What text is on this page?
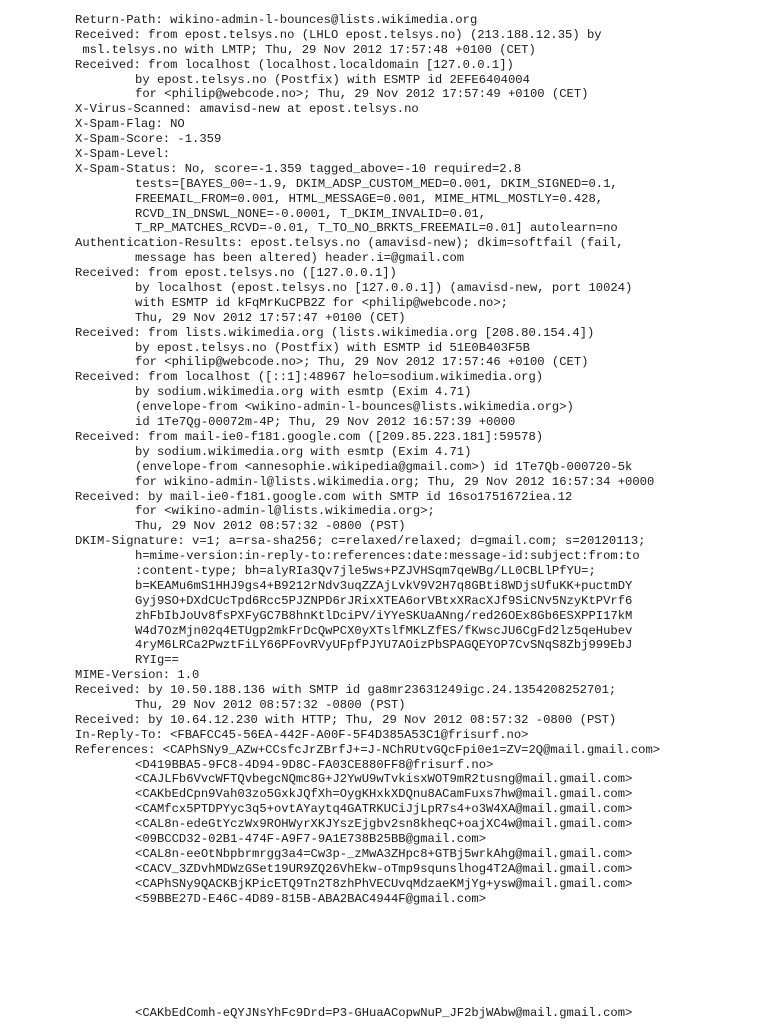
Return-Path: wikino-admin-l-bounces@lists.wikimedia.org
Received: from epost.telsys.no (LHLO epost.telsys.no) (213.188.12.35) by
msl.telsys.no with LMTP; Thu, 29 Nov 2012 17:57:48 +0100 (CET)
Received: from localhost (localhost.localdomain [127.0.0.1])
by epost.telsys.no (Postfix) with ESMTP id 2EFE6404004
for <philip@webcode.no>; Thu, 29 Nov 2012 17:57:49 +0100 (CET)
X-Virus-Scanned: amavisd-new at epost.telsys.no
X-Spam-Flag: NO
X-Spam-Score: -1.359
X-Spam-Level:
X-Spam-Status: No, score=-1.359 tagged_above=-10 required=2.8
tests=[BAYES_00=-1.9, DKIM_ADSP_CUSTOM_MED=0.001, DKIM_SIGNED=0.1,
FREEMAIL_FROM=0.001, HTML_MESSAGE=0.001, MIME_HTML_MOSTLY=0.428,
RCVD_IN_DNSWL_NONE=-0.0001, T_DKIM_INVALID=0.01,
T_RP_MATCHES_RCVD=-0.01, T_TO_NO_BRKTS_FREEMAIL=0.01] autolearn=no
Authentication-Results: epost.telsys.no (amavisd-new); dkim=softfail (fail,
message has been altered) header.i=@gmail.com
Received: from epost.telsys.no ([127.0.0.1])
by localhost (epost.telsys.no [127.0.0.1]) (amavisd-new, port 10024)
with ESMTP id kFqMrKuCPB2Z for <philip@webcode.no>;
Thu, 29 Nov 2012 17:57:47 +0100 (CET)
Received: from lists.wikimedia.org (lists.wikimedia.org [208.80.154.4])
by epost.telsys.no (Postfix) with ESMTP id 51E0B403F5B
for <philip@webcode.no>; Thu, 29 Nov 2012 17:57:46 +0100 (CET)
Received: from localhost ([::1]:48967 helo=sodium.wikimedia.org)
by sodium.wikimedia.org with esmtp (Exim 4.71)
(envelope-from <wikino-admin-l-bounces@lists.wikimedia.org>)
id 1Te7Qg-00072m-4P; Thu, 29 Nov 2012 16:57:39 +0000
Received: from mail-ie0-f181.google.com ([209.85.223.181]:59578)
by sodium.wikimedia.org with esmtp (Exim 4.71)
(envelope-from <annesophie.wikipedia@gmail.com>) id 1Te7Qb-000720-5k
for wikino-admin-l@lists.wikimedia.org; Thu, 29 Nov 2012 16:57:34 +0000
Received: by mail-ie0-f181.google.com with SMTP id 16so1751672iea.12
for <wikino-admin-l@lists.wikimedia.org>;
Thu, 29 Nov 2012 08:57:32 -0800 (PST)
DKIM-Signature: v=1; a=rsa-sha256; c=relaxed/relaxed; d=gmail.com; s=20120113;
h=mime-version:in-reply-to:references:date:message-id:subject:from:to
:content-type; bh=alyRIa3Qv7jle5ws+PZJVHSqm7qeWBg/LL0CBLlPfYU=;
b=KEAMu6mS1HHJ9gs4+B9212rNdv3uqZZAjLvkV9V2H7q8GBti8WDjsUfuKK+puctmDY
Gyj9SO+DXdCUcTpd6Rcc5PJZNPD6rJRixXTEA6orVBtxXRacXJf9SiCNv5NzyKtPVrf6
zhFbIbJoUv8fsPXFyGC7B8hnKtlDciPV/iYYeSKUaANng/red26OEx8Gb6ESXPPI17kM
W4d7OzMjn02q4ETUgp2mkFrDcQwPCX0yXTslfMKLZfES/fKwscJU6CgFd2lz5qeHubev
4ryM6LRCa2PwztFiLY66PFovRVyUFpfPJYU7AOizPbSPAGQEYOP7CvSNqS8Zbj999EbJ
RYIg==
MIME-Version: 1.0
Received: by 10.50.188.136 with SMTP id ga8mr23631249igc.24.1354208252701;
Thu, 29 Nov 2012 08:57:32 -0800 (PST)
Received: by 10.64.12.230 with HTTP; Thu, 29 Nov 2012 08:57:32 -0800 (PST)
In-Reply-To: <FBAFCC45-56EA-442F-A00F-5F4D385A53C1@frisurf.no>
References: <CAPhSNy9_AZw+CCsfcJrZBrfJ+=J-NChRUtvGQcFpi0e1=ZV=2Q@mail.gmail.com>
<D419BBA5-9FC8-4D94-9D8C-FA03CE880FF8@frisurf.no>
<CAJLFb6VvcWFTQvbegcNQmc8G+J2YwU9wTvkisxWOT9mR2tusng@mail.gmail.com>
<CAKbEdCpn9Vah03zo5GxkJQfXh=OygKHxkXDQnu8ACamFuxs7hw@mail.gmail.com>
<CAMfcx5PTDPYyc3q5+ovtAYaytq4GATRKUCiJjLpR7s4+o3W4XA@mail.gmail.com>
<CAL8n-edeGtYczWx9ROHWyrXKJYszEjgbv2sn8kheqC+oajXC4w@mail.gmail.com>
<09BCCD32-02B1-474F-A9F7-9A1E738B25BB@gmail.com>
<CAL8n-eeOtNbpbrmrgg3a4=Cw3p-_zMwA3ZHpc8+GTBj5wrkAhg@mail.gmail.com>
<CACV_3ZDvhMDWzGSet19UR9ZQ26VhEkw-oTmp9squnslhog4T2A@mail.gmail.com>
<CAPhSNy9QACKBjKPicETQ9Tn2T8zhPhVECUvqMdzaeKMjYg+ysw@mail.gmail.com>
<59BBE27D-E46C-4D89-815B-ABA2BAC4944F@gmail.com>
<CAKbEdComh-eQYJNsYhFc9Drd=P3-GHuaACopwNuP_JF2bjWAbw@mail.gmail.com>
